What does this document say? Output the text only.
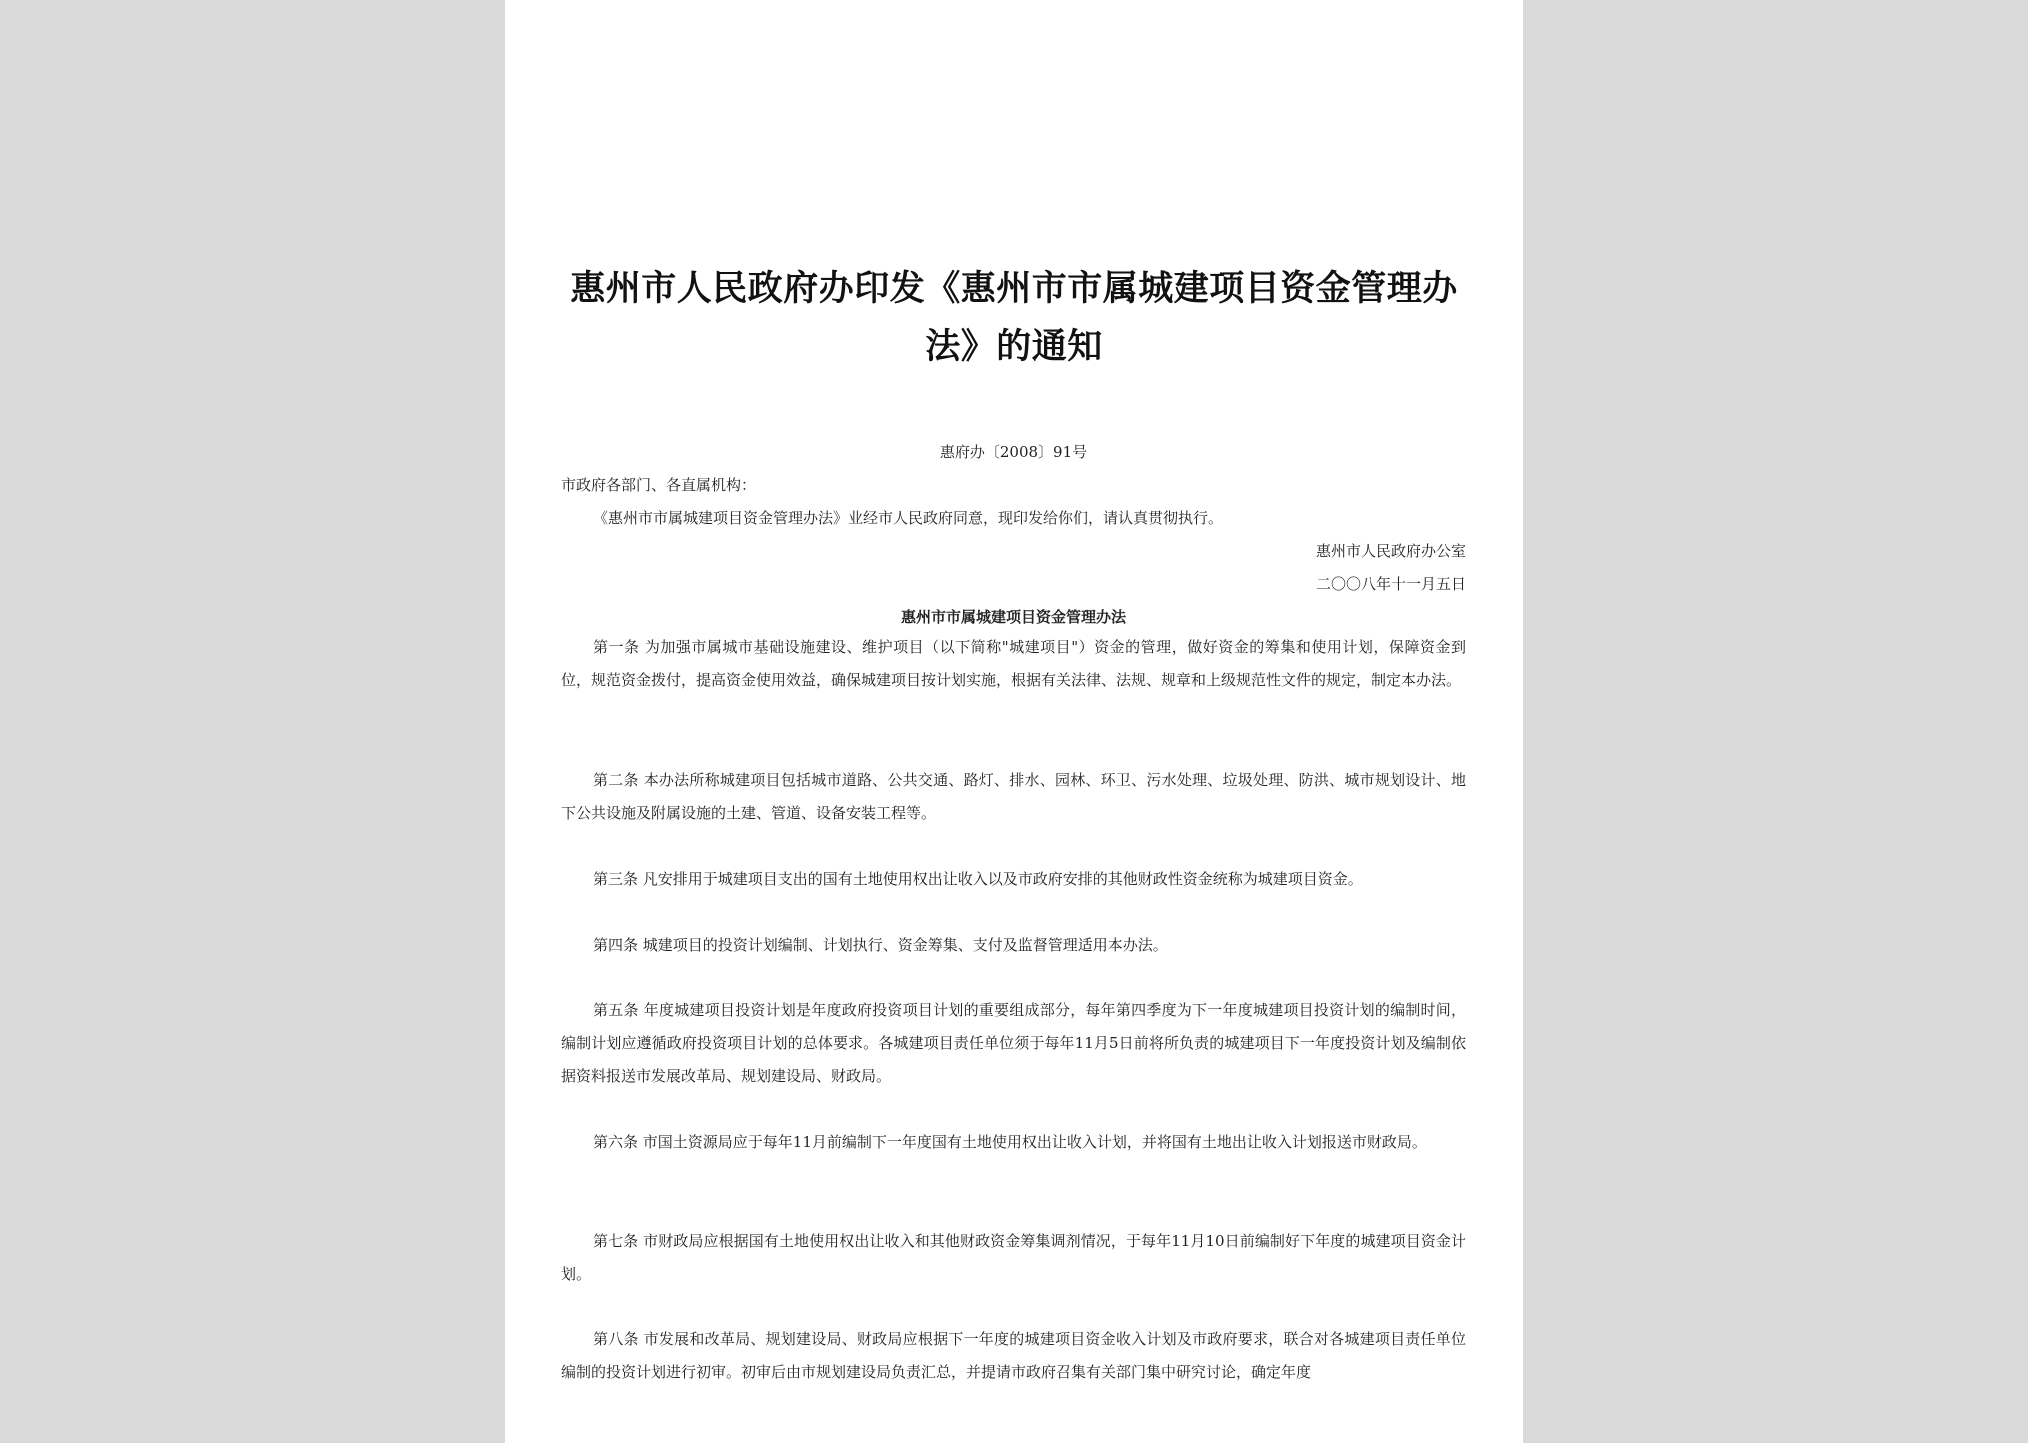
惠州市人民政府办印发《惠州市市属城建项目资金管理办法》的通知
惠府办〔2008〕91号
市政府各部门、各直属机构：
《惠州市市属城建项目资金管理办法》业经市人民政府同意，现印发给你们，请认真贯彻执行。
惠州市人民政府办公室
二〇〇八年十一月五日
惠州市市属城建项目资金管理办法
第一条 为加强市属城市基础设施建设、维护项目（以下简称"城建项目"）资金的管理，做好资金的筹集和使用计划，保障资金到位，规范资金拨付，提高资金使用效益，确保城建项目按计划实施，根据有关法律、法规、规章和上级规范性文件的规定，制定本办法。
第二条 本办法所称城建项目包括城市道路、公共交通、路灯、排水、园林、环卫、污水处理、垃圾处理、防洪、城市规划设计、地下公共设施及附属设施的土建、管道、设备安装工程等。
第三条 凡安排用于城建项目支出的国有土地使用权出让收入以及市政府安排的其他财政性资金统称为城建项目资金。
第四条 城建项目的投资计划编制、计划执行、资金筹集、支付及监督管理适用本办法。
第五条 年度城建项目投资计划是年度政府投资项目计划的重要组成部分，每年第四季度为下一年度城建项目投资计划的编制时间，编制计划应遵循政府投资项目计划的总体要求。各城建项目责任单位须于每年11月5日前将所负责的城建项目下一年度投资计划及编制依据资料报送市发展改革局、规划建设局、财政局。
第六条 市国土资源局应于每年11月前编制下一年度国有土地使用权出让收入计划，并将国有土地出让收入计划报送市财政局。
第七条 市财政局应根据国有土地使用权出让收入和其他财政资金筹集调剂情况，于每年11月10日前编制好下年度的城建项目资金计划。
第八条 市发展和改革局、规划建设局、财政局应根据下一年度的城建项目资金收入计划及市政府要求，联合对各城建项目责任单位编制的投资计划进行初审。初审后由市规划建设局负责汇总，并提请市政府召集有关部门集中研究讨论，确定年度
